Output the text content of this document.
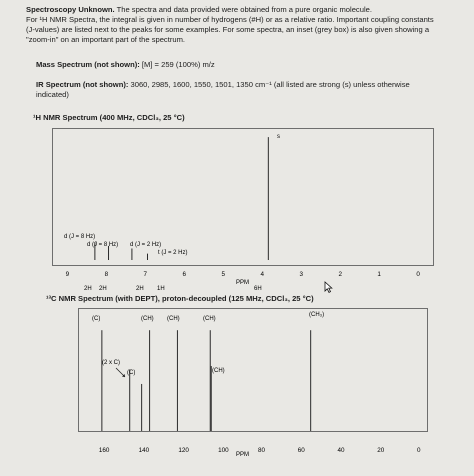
Spectroscopy Unknown. The spectra and data provided were obtained from a pure organic molecule.
For ¹H NMR Spectra, the integral is given in number of hydrogens (#H) or as a relative ratio. Important coupling constants
(J-values) are listed next to the peaks for some examples. For some spectra, an inset (grey box) is also given showing a
"zoom-in" on an important part of the spectrum.
Mass Spectrum (not shown): [M] = 259 (100%) m/z
IR Spectrum (not shown): 3060, 2985, 1600, 1550, 1501, 1350 cm⁻¹ (all listed are strong (s) unless otherwise indicated)
¹H NMR Spectrum (400 MHz, CDCl₃, 25 °C)
s
d (J = 8 Hz)
d (J = 8 Hz) d (J = 2 Hz)
t (J = 2 Hz)
9	8	7	6	5	4	3	2	1	0
PPM
2H 2H	2H 1H	6H
¹³C NMR Spectrum (with DEPT), proton-decoupled (125 MHz, CDCl₃, 25 °C)
(C)	(CH) (CH)	(CH)
(CH₃)
(2 x C)
(C)	(CH)
160	140	120	100	80	60	40	20	0
PPM
